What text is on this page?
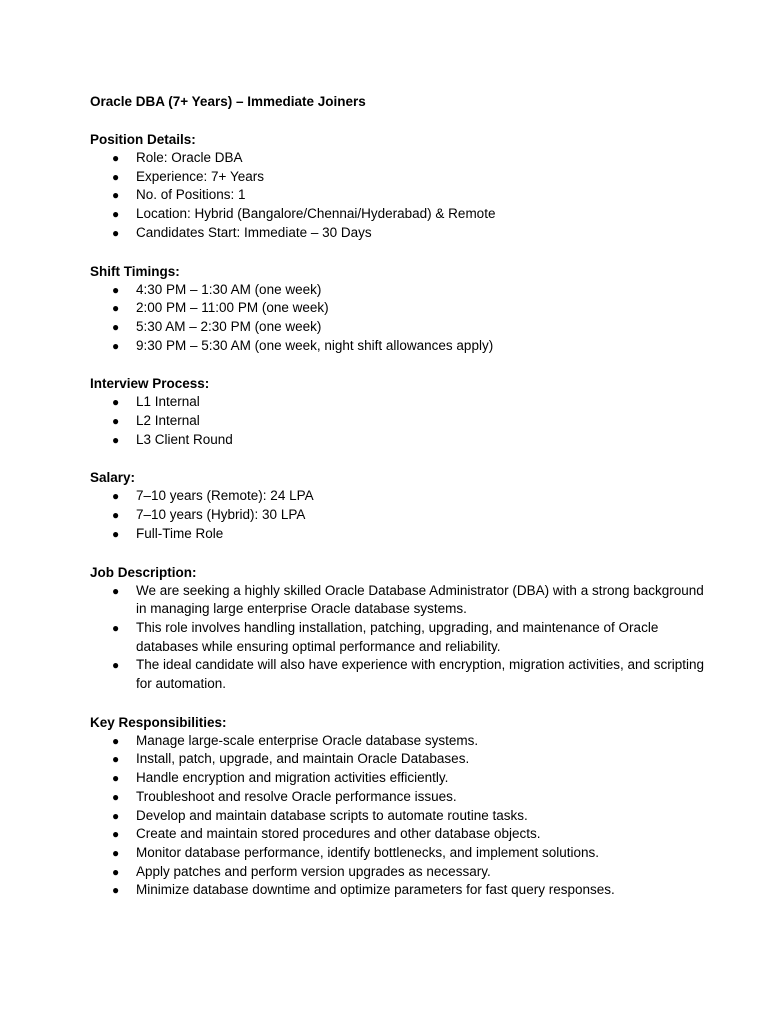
Oracle DBA (7+ Years) – Immediate Joiners
Position Details:
● Role: Oracle DBA
● Experience: 7+ Years
● No. of Positions: 1
● Location: Hybrid (Bangalore/Chennai/Hyderabad) & Remote
● Candidates Start: Immediate – 30 Days
Shift Timings:
● 4:30 PM – 1:30 AM (one week)
● 2:00 PM – 11:00 PM (one week)
● 5:30 AM – 2:30 PM (one week)
● 9:30 PM – 5:30 AM (one week, night shift allowances apply)
Interview Process:
● L1 Internal
● L2 Internal
● L3 Client Round
Salary:
● 7–10 years (Remote): 24 LPA
● 7–10 years (Hybrid): 30 LPA
● Full-Time Role
Job Description:
● We are seeking a highly skilled Oracle Database Administrator (DBA) with a strong background in managing large enterprise Oracle database systems.
● This role involves handling installation, patching, upgrading, and maintenance of Oracle databases while ensuring optimal performance and reliability.
● The ideal candidate will also have experience with encryption, migration activities, and scripting for automation.
Key Responsibilities:
● Manage large-scale enterprise Oracle database systems.
● Install, patch, upgrade, and maintain Oracle Databases.
● Handle encryption and migration activities efficiently.
● Troubleshoot and resolve Oracle performance issues.
● Develop and maintain database scripts to automate routine tasks.
● Create and maintain stored procedures and other database objects.
● Monitor database performance, identify bottlenecks, and implement solutions.
● Apply patches and perform version upgrades as necessary.
● Minimize database downtime and optimize parameters for fast query responses.
